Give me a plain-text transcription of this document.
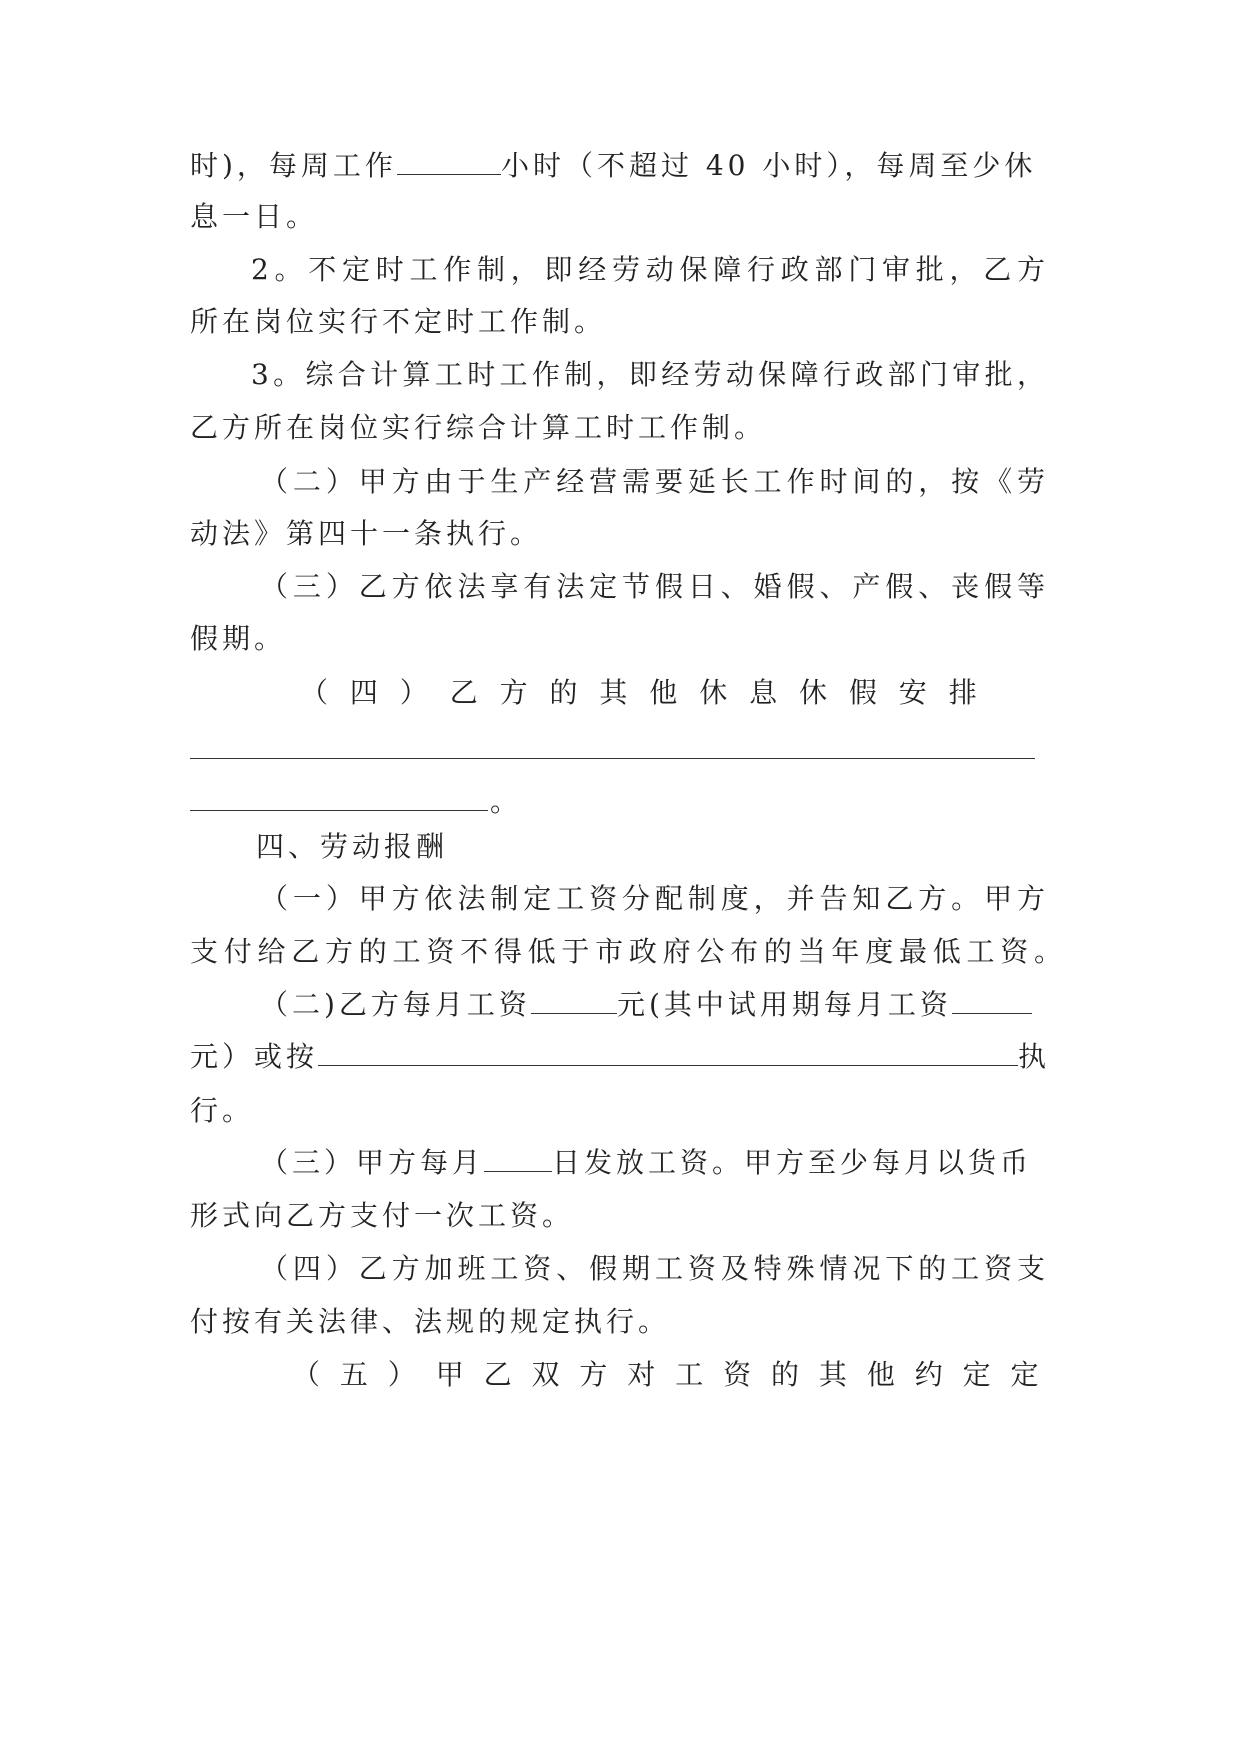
时)，每周工作	小时（不超过 40 小时），每周至少休
息一日。
2。不定时工作制，即经劳动保障行政部门审批，乙方
所在岗位实行不定时工作制。
3。综合计算工时工作制，即经劳动保障行政部门审批，
乙方所在岗位实行综合计算工时工作制。
（二）甲方由于生产经营需要延长工作时间的，按《劳
动法》第四十一条执行。
（三）乙方依法享有法定节假日、婚假、产假、丧假等
假期。
（ 四 ） 乙 方 的 其 他 休 息 休 假 安 排
。
四、劳动报酬
（一）甲方依法制定工资分配制度，并告知乙方。甲方
支付给乙方的工资不得低于市政府公布的当年度最低工资。
（二)乙方每月工资	元(其中试用期每月工资
元）或按	执
行。
（三）甲方每月 日发放工资。甲方至少每月以货币
形式向乙方支付一次工资。
（四）乙方加班工资、假期工资及特殊情况下的工资支
付按有关法律、法规的规定执行。
（ 五 ） 甲 乙 双 方 对 工 资 的 其 他 约 定 定
